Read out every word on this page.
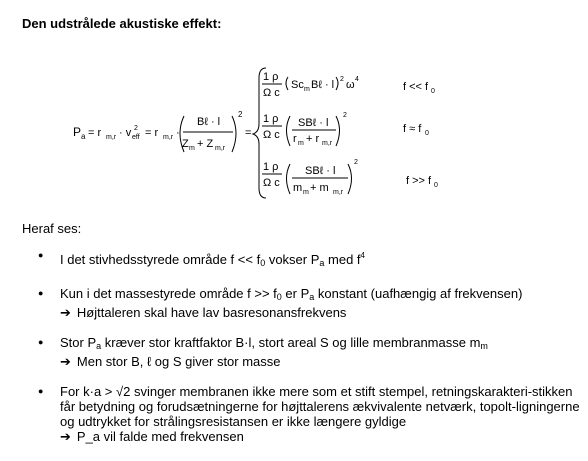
Den udstrålede akustiske effekt:
P a = r m,r · v 2
eff = r m,r ·
Bℓ · l
Z m + Z m,r
2
=
1 ρ
Ω c
Sc m Bℓ · l 2 ω 4
f << f 0
1 ρ
Ω c
SBℓ · l
r m + r m,r
2
f ≈ f 0
1 ρ
Ω c
SBℓ · l
m m + m m,r
2
f >> f 0
Heraf ses:
● I det stivhedsstyrede område f << f0 vokser Pa med $f^4$
● Kun i det massestyrede område f >> f0 er Pa konstant (uafhængig af frekvensen)
➔ Højttaleren skal have lav basresonansfrekvens
● Stor Pa kræver stor kraftfaktor B·l, stort areal S og lille membranmasse mm
➔ Men stor B, ℓ og S giver stor masse
● For k·a > √2 svinger membranen ikke mere som et stift stempel, retningskarakteri-stikken får betydning og forudsætningerne for højttalerens ækvivalente netværk, topolt-ligningerne og udtrykket for strålingsresistansen er ikke længere gyldige
➔ P_a vil falde med frekvensen
